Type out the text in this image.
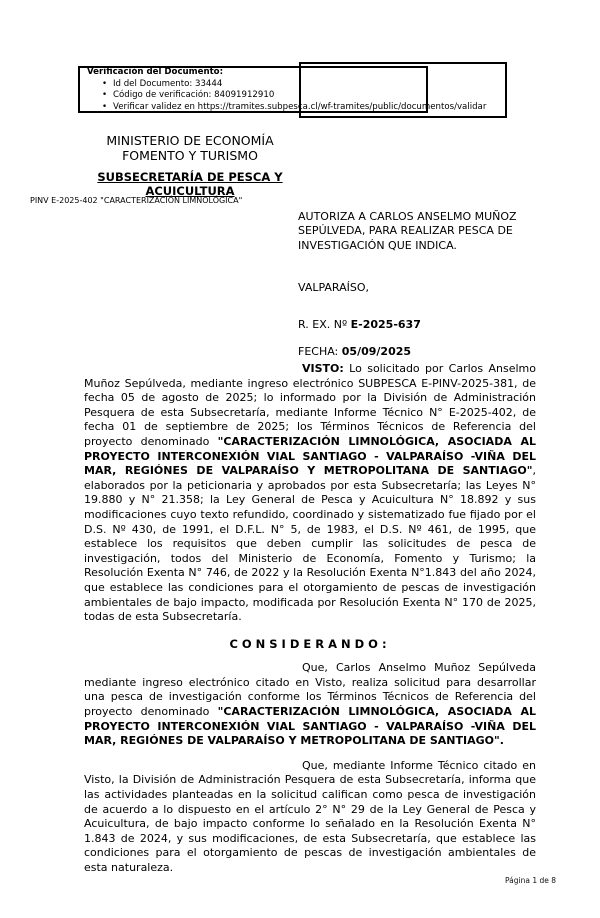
Verificación del Documento:
• Id del Documento: 33444
• Código de verificación: 84091912910
• Verificar validez en https://tramites.subpesca.cl/wf-tramites/public/documentos/validar
MINISTERIO DE ECONOMÍA
FOMENTO Y TURISMO
SUBSECRETARÍA DE PESCA Y
ACUICULTURA
PINV E-2025-402 "CARACTERIZACIÓN LIMNOLÓGICA"
AUTORIZA A CARLOS ANSELMO MUÑOZ SEPÚLVEDA, PARA REALIZAR PESCA DE INVESTIGACIÓN QUE INDICA.
VALPARAÍSO,
R. EX. Nº E-2025-637
FECHA: 05/09/2025

VISTO: Lo solicitado por Carlos Anselmo Muñoz Sepúlveda, mediante ingreso electrónico SUBPESCA E-PINV-2025-381, de fecha 05 de agosto de 2025; lo informado por la División de Administración Pesquera de esta Subsecretaría, mediante Informe Técnico N° E-2025-402, de fecha 01 de septiembre de 2025; los Términos Técnicos de Referencia del proyecto denominado "CARACTERIZACIÓN LIMNOLÓGICA, ASOCIADA AL PROYECTO INTERCONEXIÓN VIAL SANTIAGO - VALPARAÍSO -VIÑA DEL MAR, REGIÓNES DE VALPARAÍSO Y METROPOLITANA DE SANTIAGO", elaborados por la peticionaria y aprobados por esta Subsecretaría; las Leyes N° 19.880 y N° 21.358; la Ley General de Pesca y Acuicultura N° 18.892 y sus modificaciones cuyo texto refundido, coordinado y sistematizado fue fijado por el D.S. Nº 430, de 1991, el D.F.L. N° 5, de 1983, el D.S. Nº 461, de 1995, que establece los requisitos que deben cumplir las solicitudes de pesca de investigación, todos del Ministerio de Economía, Fomento y Turismo; la Resolución Exenta N° 746, de 2022 y la Resolución Exenta N°1.843 del año 2024, que establece las condiciones para el otorgamiento de pescas de investigación ambientales de bajo impacto, modificada por Resolución Exenta N° 170 de 2025, todas de esta Subsecretaría.

CONSIDERANDO:

Que, Carlos Anselmo Muñoz Sepúlveda mediante ingreso electrónico citado en Visto, realiza solicitud para desarrollar una pesca de investigación conforme los Términos Técnicos de Referencia del proyecto denominado "CARACTERIZACIÓN LIMNOLÓGICA, ASOCIADA AL PROYECTO INTERCONEXIÓN VIAL SANTIAGO - VALPARAÍSO -VIÑA DEL MAR, REGIÓNES DE VALPARAÍSO Y METROPOLITANA DE SANTIAGO".

Que, mediante Informe Técnico citado en Visto, la División de Administración Pesquera de esta Subsecretaría, informa que las actividades planteadas en la solicitud califican como pesca de investigación de acuerdo a lo dispuesto en el artículo 2° N° 29 de la Ley General de Pesca y Acuicultura, de bajo impacto conforme lo señalado en la Resolución Exenta N° 1.843 de 2024, y sus modificaciones, de esta Subsecretaría, que establece las condiciones para el otorgamiento de pescas de investigación ambientales de esta naturaleza.

Página 1 de 8
